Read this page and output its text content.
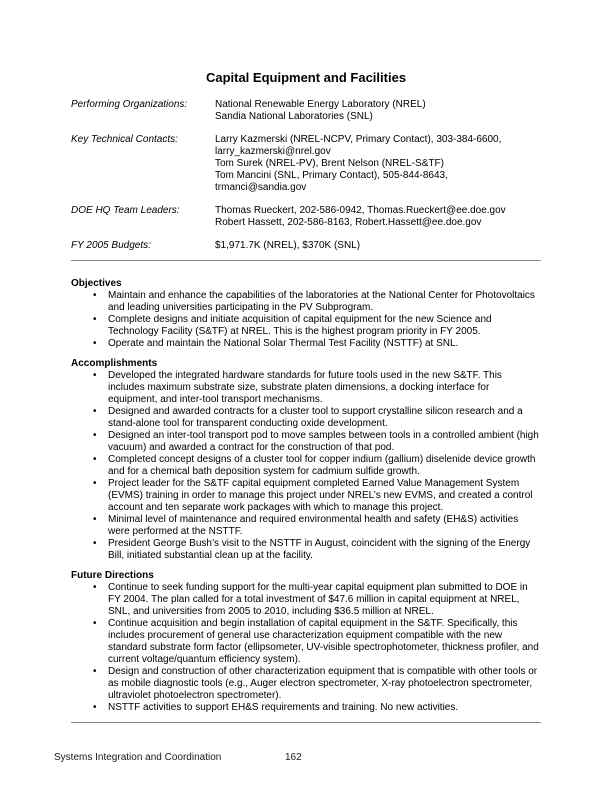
Capital Equipment and Facilities
Performing Organizations:	National Renewable Energy Laboratory (NREL)
Sandia National Laboratories (SNL)
Key Technical Contacts:	Larry Kazmerski (NREL-NCPV, Primary Contact), 303-384-6600,
larry_kazmerski@nrel.gov
Tom Surek (NREL-PV), Brent Nelson (NREL-S&TF)
Tom Mancini (SNL, Primary Contact), 505-844-8643, trmanci@sandia.gov
DOE HQ Team Leaders:	Thomas Rueckert, 202-586-0942, Thomas.Rueckert@ee.doe.gov
Robert Hassett, 202-586-8163, Robert.Hassett@ee.doe.gov
FY 2005 Budgets:	$1,971.7K (NREL), $370K (SNL)
Objectives
•	Maintain and enhance the capabilities of the laboratories at the National Center for Photovoltaics and leading universities participating in the PV Subprogram.
•	Complete designs and initiate acquisition of capital equipment for the new Science and Technology Facility (S&TF) at NREL. This is the highest program priority in FY 2005.
•	Operate and maintain the National Solar Thermal Test Facility (NSTTF) at SNL.
Accomplishments
•	Developed the integrated hardware standards for future tools used in the new S&TF. This includes maximum substrate size, substrate platen dimensions, a docking interface for equipment, and inter-tool transport mechanisms.
•	Designed and awarded contracts for a cluster tool to support crystalline silicon research and a stand-alone tool for transparent conducting oxide development.
•	Designed an inter-tool transport pod to move samples between tools in a controlled ambient (high vacuum) and awarded a contract for the construction of that pod.
•	Completed concept designs of a cluster tool for copper indium (gallium) diselenide device growth and for a chemical bath deposition system for cadmium sulfide growth.
•	Project leader for the S&TF capital equipment completed Earned Value Management System (EVMS) training in order to manage this project under NREL’s new EVMS, and created a control account and ten separate work packages with which to manage this project.
•	Minimal level of maintenance and required environmental health and safety (EH&S) activities were performed at the NSTTF.
•	President George Bush’s visit to the NSTTF in August, coincident with the signing of the Energy Bill, initiated substantial clean up at the facility.
Future Directions
•	Continue to seek funding support for the multi-year capital equipment plan submitted to DOE in FY 2004. The plan called for a total investment of $47.6 million in capital equipment at NREL, SNL, and universities from 2005 to 2010, including $36.5 million at NREL.
•	Continue acquisition and begin installation of capital equipment in the S&TF. Specifically, this includes procurement of general use characterization equipment compatible with the new standard substrate form factor (ellipsometer, UV-visible spectrophotometer, thickness profiler, and current voltage/quantum efficiency system).
•	Design and construction of other characterization equipment that is compatible with other tools or as mobile diagnostic tools (e.g., Auger electron spectrometer, X-ray photoelectron spectrometer, ultraviolet photoelectron spectrometer).
•	NSTTF activities to support EH&S requirements and training. No new activities.
Systems Integration and Coordination	162
